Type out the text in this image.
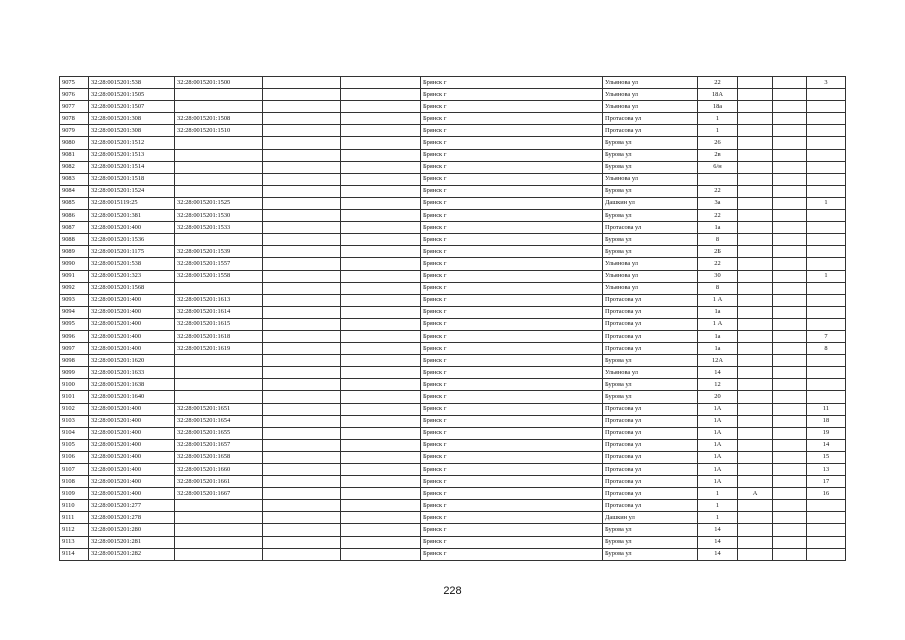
9075	32:28:0015201:538	32:28:0015201:1500			Брянск г	Ульянова ул	22			3
9076	32:28:0015201:1505				Брянск г	Ульянова ул	18А			
9077	32:28:0015201:1507				Брянск г	Ульянова ул	18а			
9078	32:28:0015201:308	32:28:0015201:1508			Брянск г	Протасова ул	1			
9079	32:28:0015201:308	32:28:0015201:1510			Брянск г	Протасова ул	1			
9080	32:28:0015201:1512				Брянск г	Бурова ул	26			
9081	32:28:0015201:1513				Брянск г	Бурова ул	2в			
9082	32:28:0015201:1514				Брянск г	Бурова ул	6/н			
9083	32:28:0015201:1518				Брянск г	Ульянова ул				
9084	32:28:0015201:1524				Брянск г	Бурова ул	22			
9085	32:28:0015119:25	32:28:0015201:1525			Брянск г	Дашкин ул	3а			1
9086	32:28:0015201:381	32:28:0015201:1530			Брянск г	Бурова ул	22			
9087	32:28:0015201:400	32:28:0015201:1533			Брянск г	Протасова ул	1а			
9088	32:28:0015201:1536				Брянск г	Бурова ул	8			
9089	32:28:0015201:1175	32:28:0015201:1539			Брянск г	Бурова ул	2Б			
9090	32:28:0015201:538	32:28:0015201:1557			Брянск г	Ульянова ул	22			
9091	32:28:0015201:323	32:28:0015201:1558			Брянск г	Ульянова ул	30			1
9092	32:28:0015201:1568				Брянск г	Ульянова ул	8			
9093	32:28:0015201:400	32:28:0015201:1613			Брянск г	Протасова ул	1 А			
9094	32:28:0015201:400	32:28:0015201:1614			Брянск г	Протасова ул	1а			
9095	32:28:0015201:400	32:28:0015201:1615			Брянск г	Протасова ул	1 А			
9096	32:28:0015201:400	32:28:0015201:1618			Брянск г	Протасова ул	1а			7
9097	32:28:0015201:400	32:28:0015201:1619			Брянск г	Протасова ул	1а			8
9098	32:28:0015201:1620				Брянск г	Бурова ул	12А			
9099	32:28:0015201:1633				Брянск г	Ульянова ул	14			
9100	32:28:0015201:1638				Брянск г	Бурова ул	12			
9101	32:28:0015201:1640				Брянск г	Бурова ул	20			
9102	32:28:0015201:400	32:28:0015201:1651			Брянск г	Протасова ул	1А			11
9103	32:28:0015201:400	32:28:0015201:1654			Брянск г	Протасова ул	1А			18
9104	32:28:0015201:400	32:28:0015201:1655			Брянск г	Протасова ул	1А			19
9105	32:28:0015201:400	32:28:0015201:1657			Брянск г	Протасова ул	1А			14
9106	32:28:0015201:400	32:28:0015201:1658			Брянск г	Протасова ул	1А			15
9107	32:28:0015201:400	32:28:0015201:1660			Брянск г	Протасова ул	1А			13
9108	32:28:0015201:400	32:28:0015201:1661			Брянск г	Протасова ул	1А			17
9109	32:28:0015201:400	32:28:0015201:1667			Брянск г	Протасова ул	1	А		16
9110	32:28:0015201:277				Брянск г	Протасова ул	1			
9111	32:28:0015201:278				Брянск г	Дашкин ул	1			
9112	32:28:0015201:280				Брянск г	Бурова ул	14			
9113	32:28:0015201:281				Брянск г	Бурова ул	14			
9114	32:28:0015201:282				Брянск г	Бурова ул	14			
228
